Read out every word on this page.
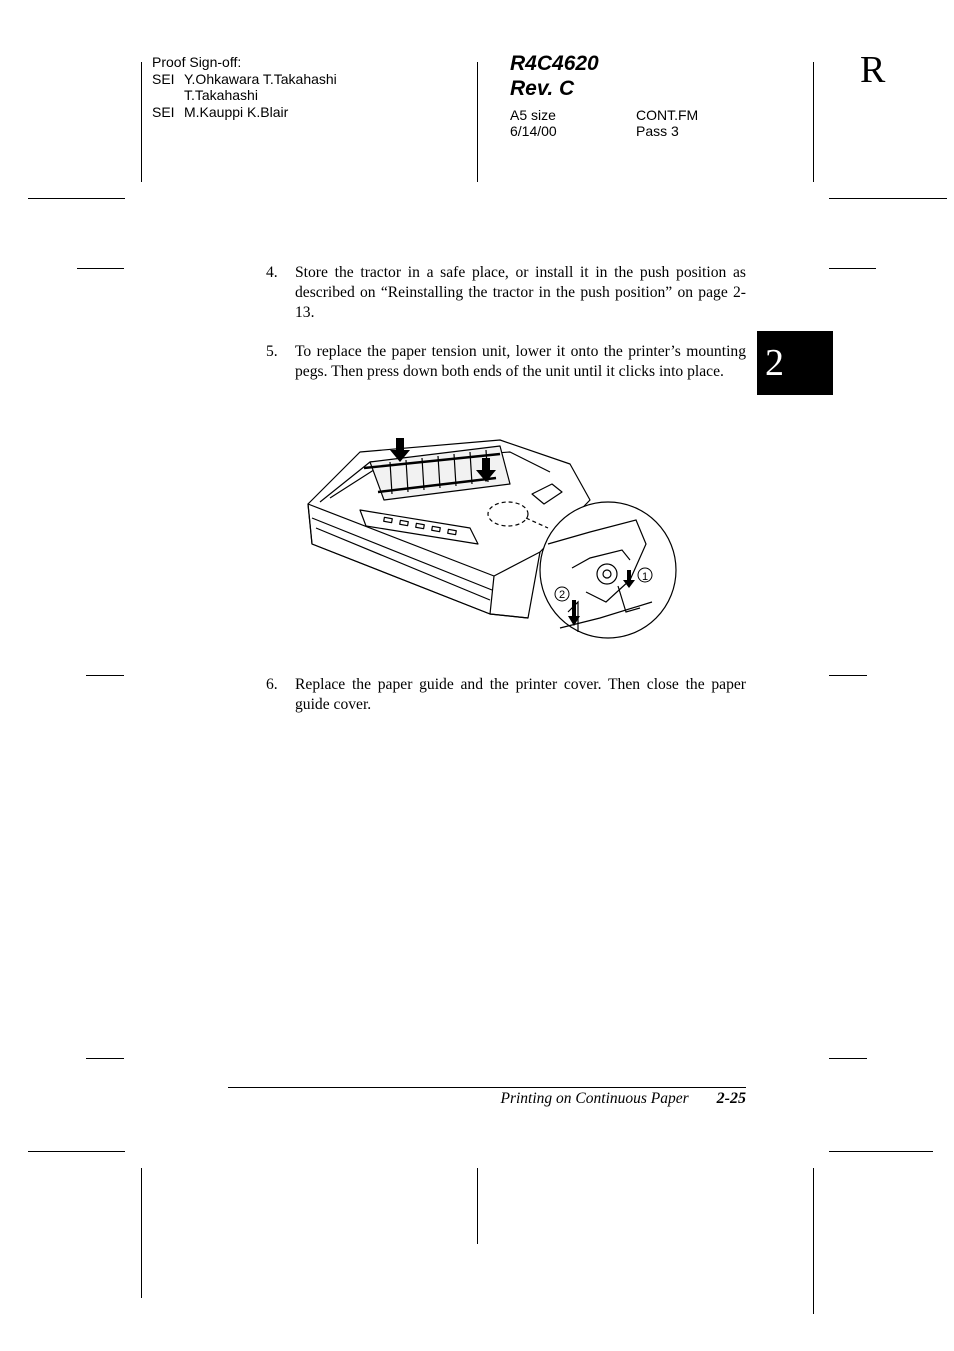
Proof Sign-off:
SEI Y.Ohkawara T.Takahashi
T.Takahashi
SEI M.Kauppi K.Blair
R4C4620
Rev. C
A5 size
6/14/00
CONT.FM
Pass 3
R
2
4. Store the tractor in a safe place, or install it in the push position as described on “Reinstalling the tractor in the push position” on page 2-13.
5. To replace the paper tension unit, lower it onto the printer’s mounting pegs. Then press down both ends of the unit until it clicks into place.
1
2
6. Replace the paper guide and the printer cover. Then close the paper guide cover.
Printing on Continuous Paper 2-25
